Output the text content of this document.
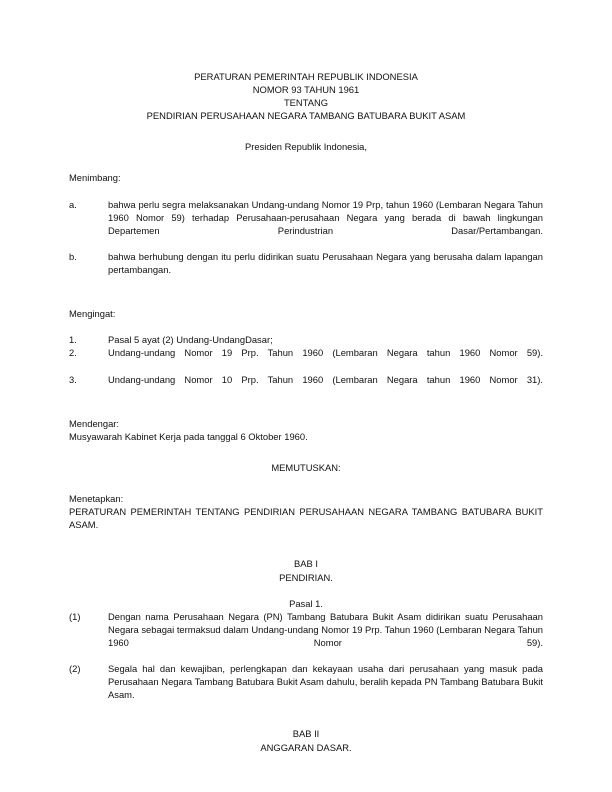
PERATURAN PEMERINTAH REPUBLIK INDONESIA
NOMOR 93 TAHUN 1961
TENTANG
PENDIRIAN PERUSAHAAN NEGARA TAMBANG BATUBARA BUKIT ASAM
Presiden Republik Indonesia,
Menimbang:
a.	bahwa perlu segra melaksanakan Undang-undang Nomor 19 Prp, tahun 1960 (Lembaran Negara Tahun 1960 Nomor 59) terhadap Perusahaan-perusahaan Negara yang berada di bawah lingkungan Departemen Perindustrian Dasar/Pertambangan.
b.	bahwa berhubung dengan itu perlu didirikan suatu Perusahaan Negara yang berusaha dalam lapangan pertambangan.
Mengingat:
1.	Pasal 5 ayat (2) Undang-UndangDasar;
2.	Undang-undang Nomor 19 Prp. Tahun 1960 (Lembaran Negara tahun 1960 Nomor 59).
3.	Undang-undang Nomor 10 Prp. Tahun 1960 (Lembaran Negara tahun 1960 Nomor 31).
Mendengar:
Musyawarah Kabinet Kerja pada tanggal 6 Oktober 1960.
MEMUTUSKAN:
Menetapkan:
PERATURAN PEMERINTAH TENTANG PENDIRIAN PERUSAHAAN NEGARA TAMBANG BATUBARA BUKIT ASAM.
BAB I
PENDIRIAN.
Pasal 1.
(1)	Dengan nama Perusahaan Negara (PN) Tambang Batubara Bukit Asam didirikan suatu Perusahaan Negara sebagai termaksud dalam Undang-undang Nomor 19 Prp. Tahun 1960 (Lembaran Negara Tahun 1960 Nomor 59).
(2)	Segala hal dan kewajiban, perlengkapan dan kekayaan usaha dari perusahaan yang masuk pada Perusahaan Negara Tambang Batubara Bukit Asam dahulu, beralih kepada PN Tambang Batubara Bukit Asam.
BAB II
ANGGARAN DASAR.
